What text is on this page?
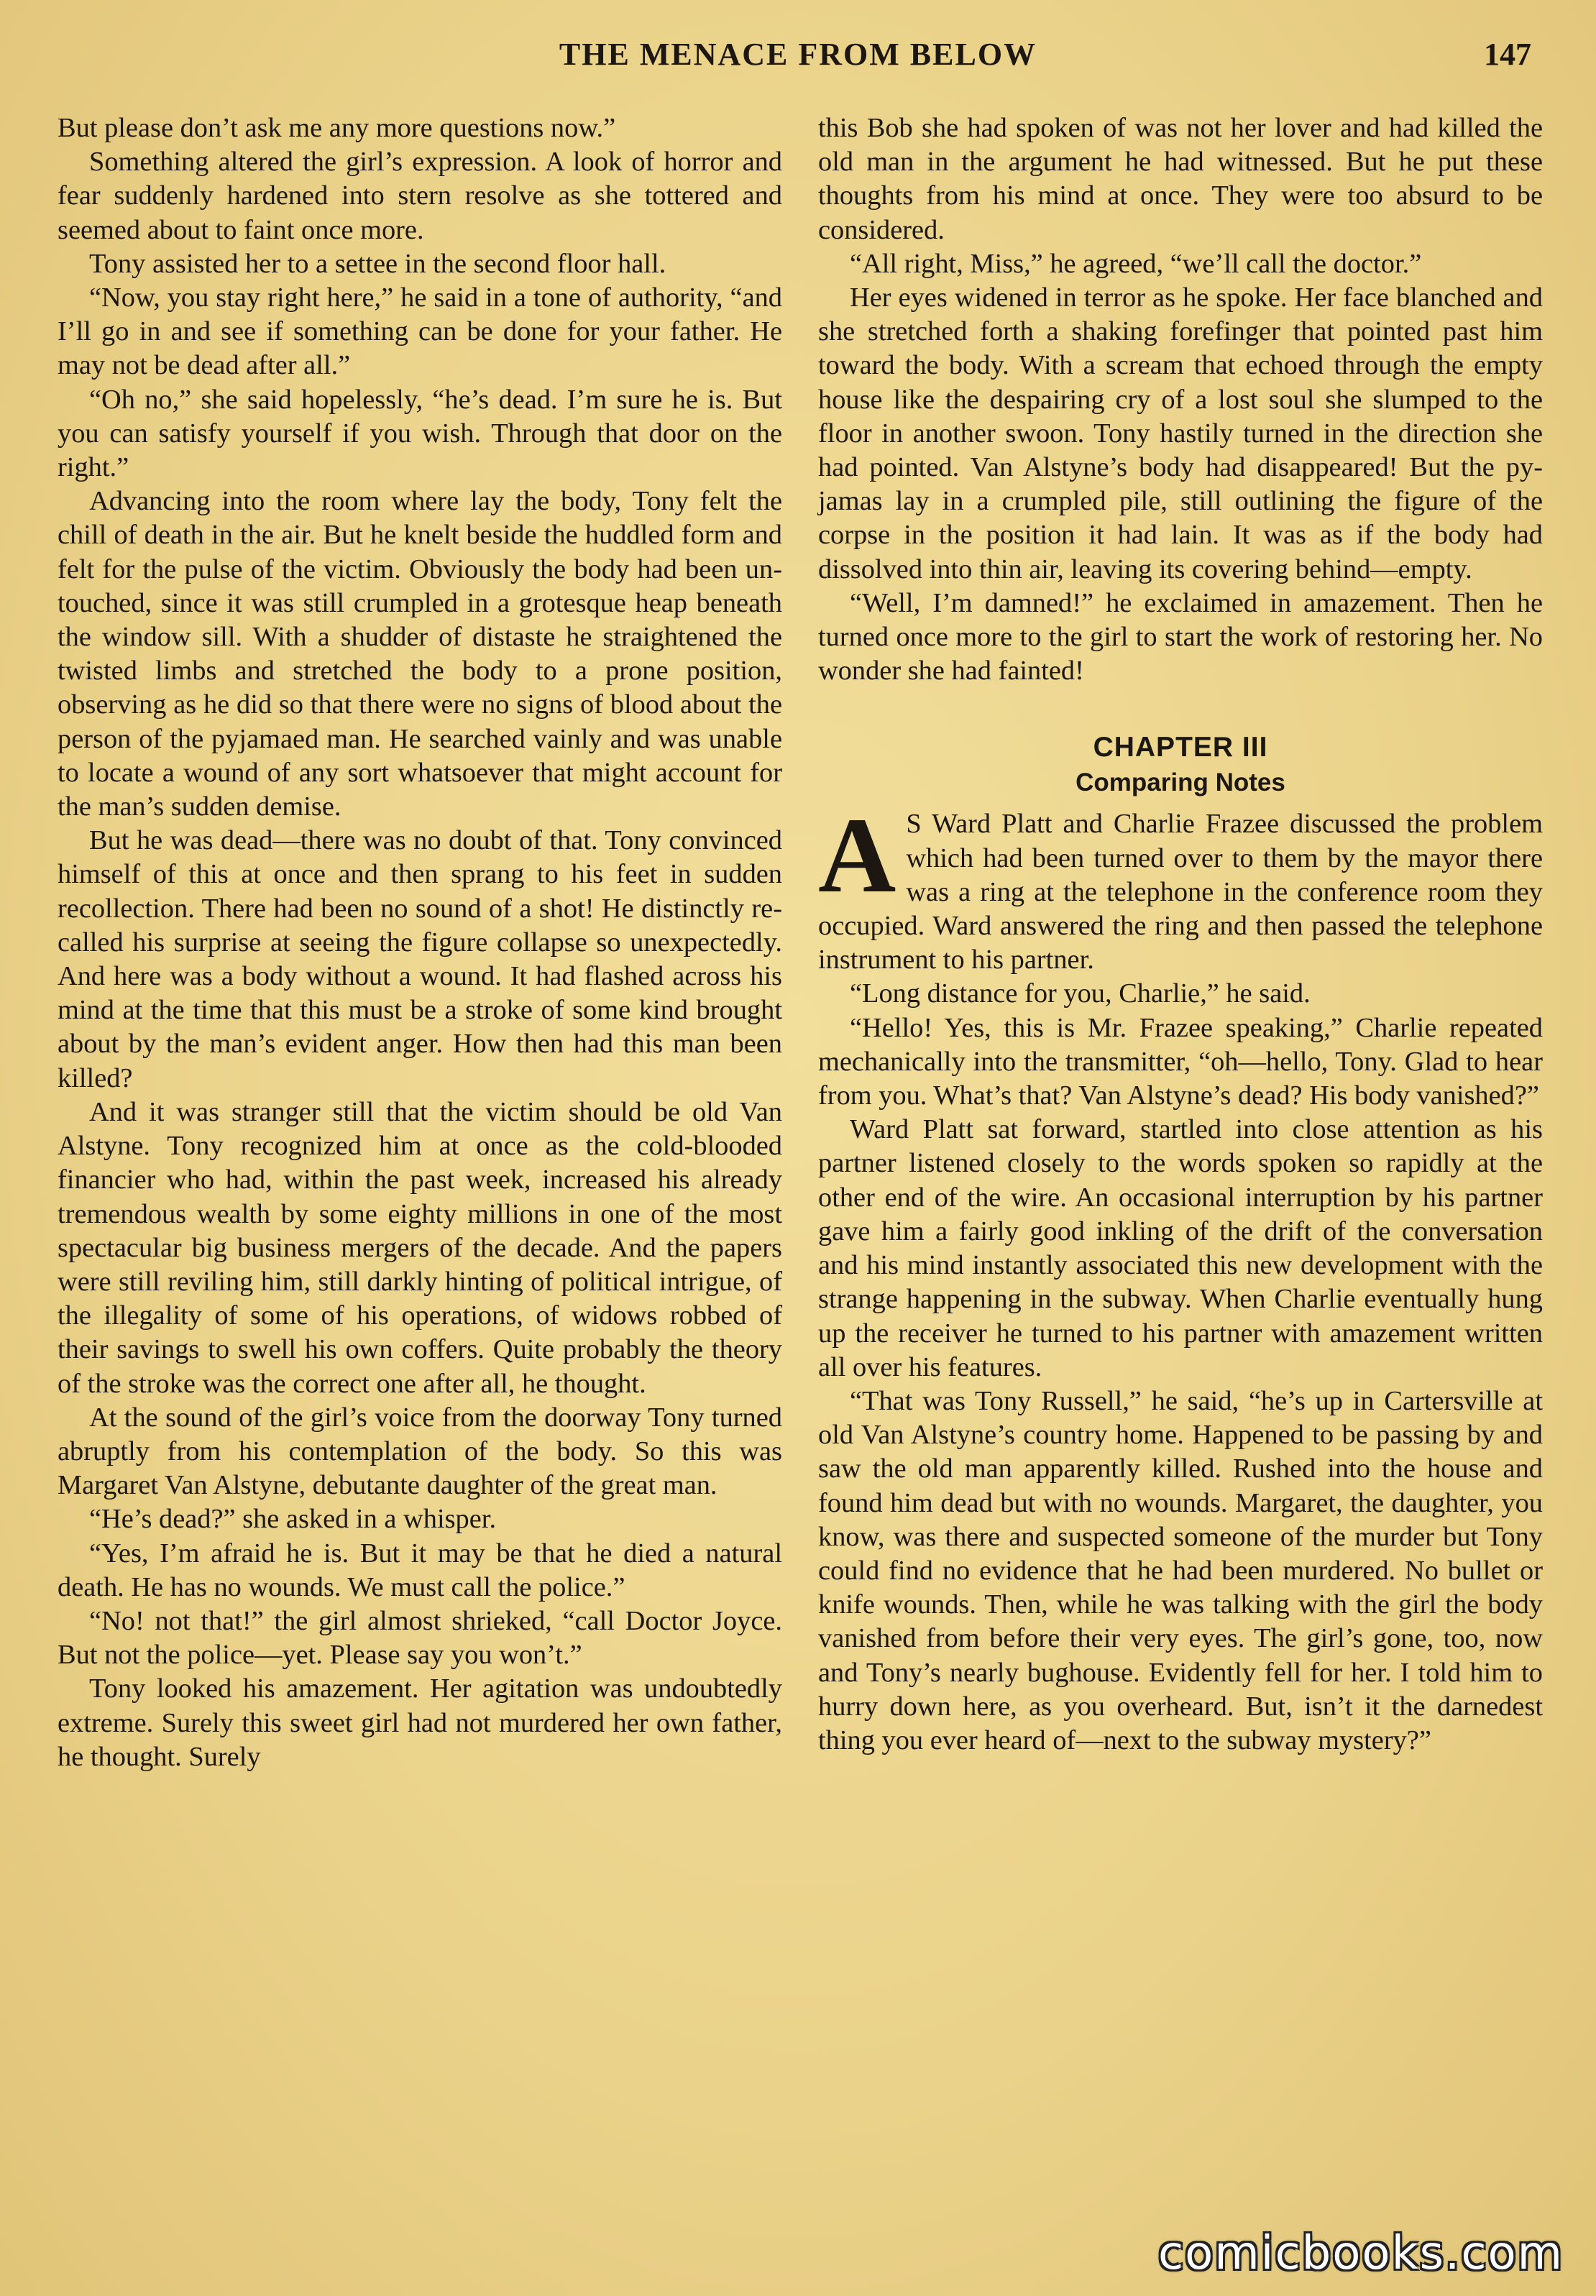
THE MENACE FROM BELOW	147

But please don’t ask me any more questions now.”

Something altered the girl’s expression. A look of horror and fear suddenly hardened into stern resolve as she tottered and seemed about to faint once more.

Tony assisted her to a settee in the second floor hall.

“Now, you stay right here,” he said in a tone of authority, “and I’ll go in and see if something can be done for your father. He may not be dead after all.”

“Oh no,” she said hopelessly, “he’s dead. I’m sure he is. But you can satisfy yourself if you wish. Through that door on the right.”

Advancing into the room where lay the body, Tony felt the chill of death in the air. But he knelt beside the huddled form and felt for the pulse of the victim. Obviously the body had been untouched, since it was still crumpled in a grotesque heap beneath the window sill. With a shudder of distaste he straightened the twisted limbs and stretched the body to a prone position, observing as he did so that there were no signs of blood about the person of the pyjamaed man. He searched vainly and was unable to locate a wound of any sort whatsoever that might account for the man’s sudden demise.

But he was dead—there was no doubt of that. Tony convinced himself of this at once and then sprang to his feet in sudden recollection. There had been no sound of a shot! He distinctly recalled his surprise at seeing the figure collapse so unexpectedly. And here was a body without a wound. It had flashed across his mind at the time that this must be a stroke of some kind brought about by the man’s evident anger. How then had this man been killed?

And it was stranger still that the victim should be old Van Alstyne. Tony recognized him at once as the cold-blooded financier who had, within the past week, increased his already tremendous wealth by some eighty millions in one of the most spectacular big business mergers of the decade. And the papers were still reviling him, still darkly hinting of political intrigue, of the illegality of some of his operations, of widows robbed of their savings to swell his own coffers. Quite probably the theory of the stroke was the correct one after all, he thought.

At the sound of the girl’s voice from the doorway Tony turned abruptly from his contemplation of the body. So this was Margaret Van Alstyne, debutante daughter of the great man.

“He’s dead?” she asked in a whisper.

“Yes, I’m afraid he is. But it may be that he died a natural death. He has no wounds. We must call the police.”

“No! not that!” the girl almost shrieked, “call Doctor Joyce. But not the police—yet. Please say you won’t.”

Tony looked his amazement. Her agitation was undoubtedly extreme. Surely this sweet girl had not murdered her own father, he thought. Surely

this Bob she had spoken of was not her lover and had killed the old man in the argument he had witnessed. But he put these thoughts from his mind at once. They were too absurd to be considered.

“All right, Miss,” he agreed, “we’ll call the doctor.”

Her eyes widened in terror as he spoke. Her face blanched and she stretched forth a shaking forefinger that pointed past him toward the body. With a scream that echoed through the empty house like the despairing cry of a lost soul she slumped to the floor in another swoon. Tony hastily turned in the direction she had pointed. Van Alstyne’s body had disappeared! But the pyjamas lay in a crumpled pile, still outlining the figure of the corpse in the position it had lain. It was as if the body had dissolved into thin air, leaving its covering behind—empty.

“Well, I’m damned!” he exclaimed in amazement. Then he turned once more to the girl to start the work of restoring her. No wonder she had fainted!

CHAPTER III
Comparing Notes

A S Ward Platt and Charlie Frazee discussed the problem which had been turned over to them by the mayor there was a ring at the telephone in the conference room they occupied. Ward answered the ring and then passed the telephone instrument to his partner.

“Long distance for you, Charlie,” he said.

“Hello! Yes, this is Mr. Frazee speaking,” Charlie repeated mechanically into the transmitter, “oh—hello, Tony. Glad to hear from you. What’s that? Van Alstyne’s dead? His body vanished?”

Ward Platt sat forward, startled into close attention as his partner listened closely to the words spoken so rapidly at the other end of the wire. An occasional interruption by his partner gave him a fairly good inkling of the drift of the conversation and his mind instantly associated this new development with the strange happening in the subway. When Charlie eventually hung up the receiver he turned to his partner with amazement written all over his features.

“That was Tony Russell,” he said, “he’s up in Cartersville at old Van Alstyne’s country home. Happened to be passing by and saw the old man apparently killed. Rushed into the house and found him dead but with no wounds. Margaret, the daughter, you know, was there and suspected someone of the murder but Tony could find no evidence that he had been murdered. No bullet or knife wounds. Then, while he was talking with the girl the body vanished from before their very eyes. The girl’s gone, too, now and Tony’s nearly bughouse. Evidently fell for her. I told him to hurry down here, as you overheard. But, isn’t it the darnedest thing you ever heard of—next to the subway mystery?”

comicbooks.com
